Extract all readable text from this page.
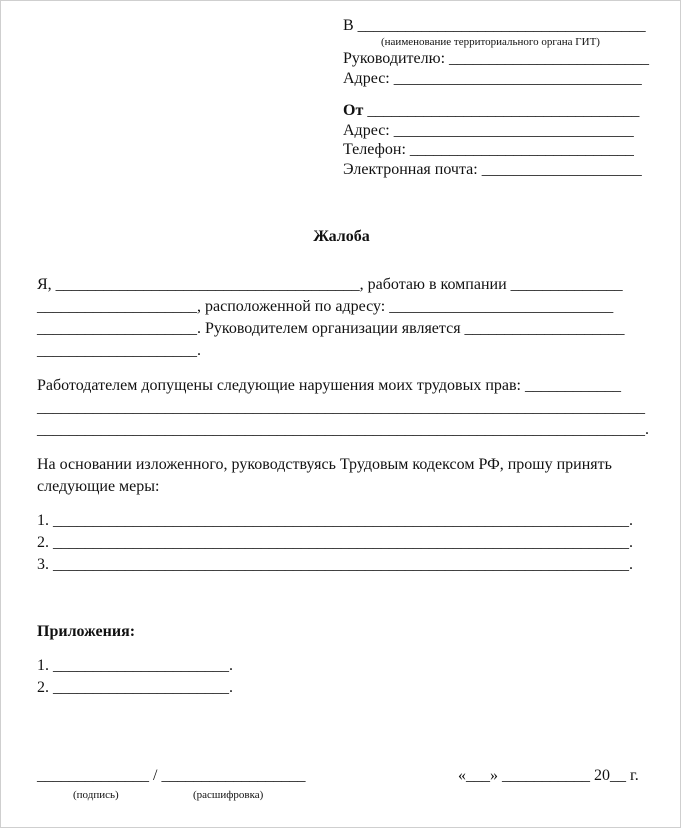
В ____________________________________
(наименование территориального органа ГИТ)
Руководителю: _________________________
Адрес: _______________________________
От __________________________________
Адрес: ______________________________
Телефон: ____________________________
Электронная почта: ____________________
Жалоба
Я, ______________________________________, работаю в компании ______________
____________________, расположенной по адресу: ____________________________
____________________. Руководителем организации является ____________________
____________________.
Работодателем допущены следующие нарушения моих трудовых прав: ____________
____________________________________________________________________________
____________________________________________________________________________.
На основании изложенного, руководствуясь Трудовым кодексом РФ, прошу принять
следующие меры:
1. ________________________________________________________________________.
2. ________________________________________________________________________.
3. ________________________________________________________________________.
Приложения:
1. ______________________.
2. ______________________.
______________ / __________________
(подпись)	(расшифровка)
«___» ___________ 20__ г.
